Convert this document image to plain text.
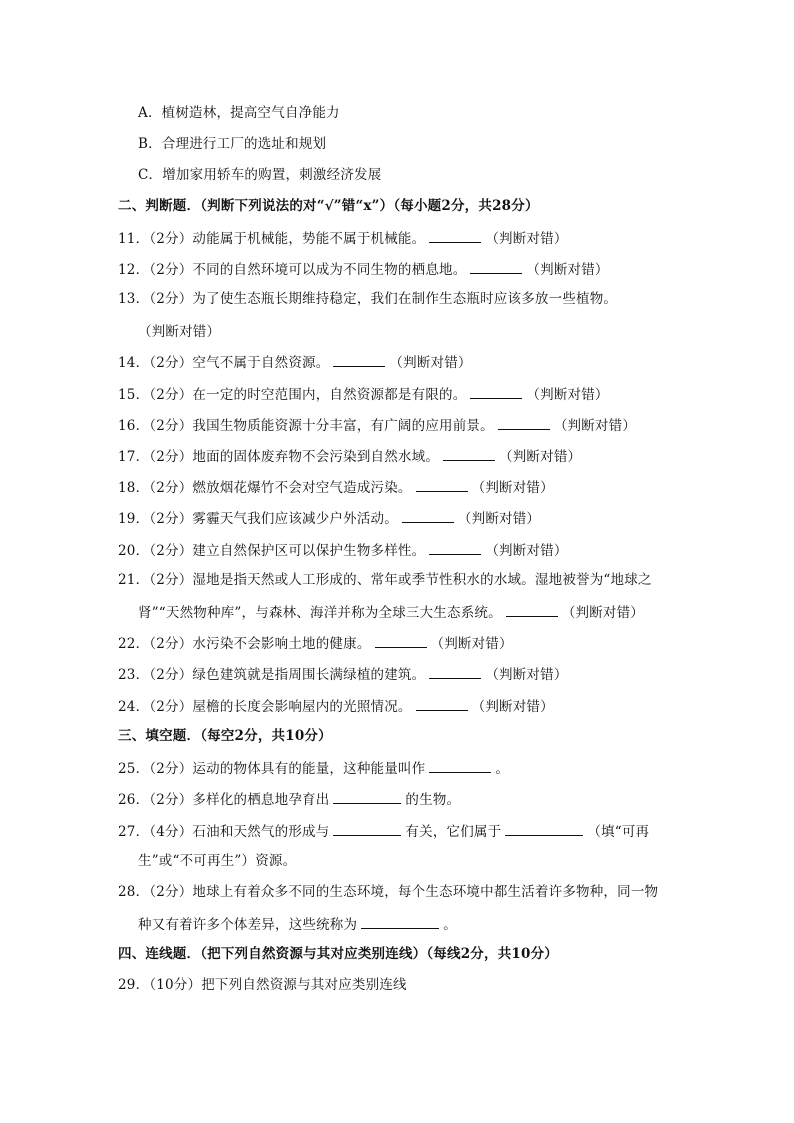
A．植树造林，提高空气自净能力
B．合理进行工厂的选址和规划
C．增加家用轿车的购置，刺激经济发展
二、判断题．（判断下列说法的对“√”错“x”）（每小题2分，共28分）
11．（2分）动能属于机械能，势能不属于机械能。	（判断对错）
12．（2分）不同的自然环境可以成为不同生物的栖息地。	（判断对错）
13．（2分）为了使生态瓶长期维持稳定，我们在制作生态瓶时应该多放一些植物。
（判断对错）
14．（2分）空气不属于自然资源。	（判断对错）
15．（2分）在一定的时空范围内，自然资源都是有限的。	（判断对错）
16．（2分）我国生物质能资源十分丰富，有广阔的应用前景。	（判断对错）
17．（2分）地面的固体废弃物不会污染到自然水域。	（判断对错）
18．（2分）燃放烟花爆竹不会对空气造成污染。	（判断对错）
19．（2分）雾霾天气我们应该减少户外活动。	（判断对错）
20．（2分）建立自然保护区可以保护生物多样性。	（判断对错）
21．（2分）湿地是指天然或人工形成的、常年或季节性积水的水域。湿地被誉为“地球之
肾”“天然物种库”，与森林、海洋并称为全球三大生态系统。	（判断对错）
22．（2分）水污染不会影响土地的健康。	（判断对错）
23．（2分）绿色建筑就是指周围长满绿植的建筑。	（判断对错）
24．（2分）屋檐的长度会影响屋内的光照情况。	（判断对错）
三、填空题．（每空2分，共10分）
25．（2分）运动的物体具有的能量，这种能量叫作	。
26．（2分）多样化的栖息地孕育出	的生物。
27．（4分）石油和天然气的形成与	有关，它们属于	（填“可再
生”或“不可再生”）资源。
28．（2分）地球上有着众多不同的生态环境，每个生态环境中都生活着许多物种，同一物
种又有着许多个体差异，这些统称为	。
四、连线题．（把下列自然资源与其对应类别连线）（每线2分，共10分）
29．（10分）把下列自然资源与其对应类别连线
